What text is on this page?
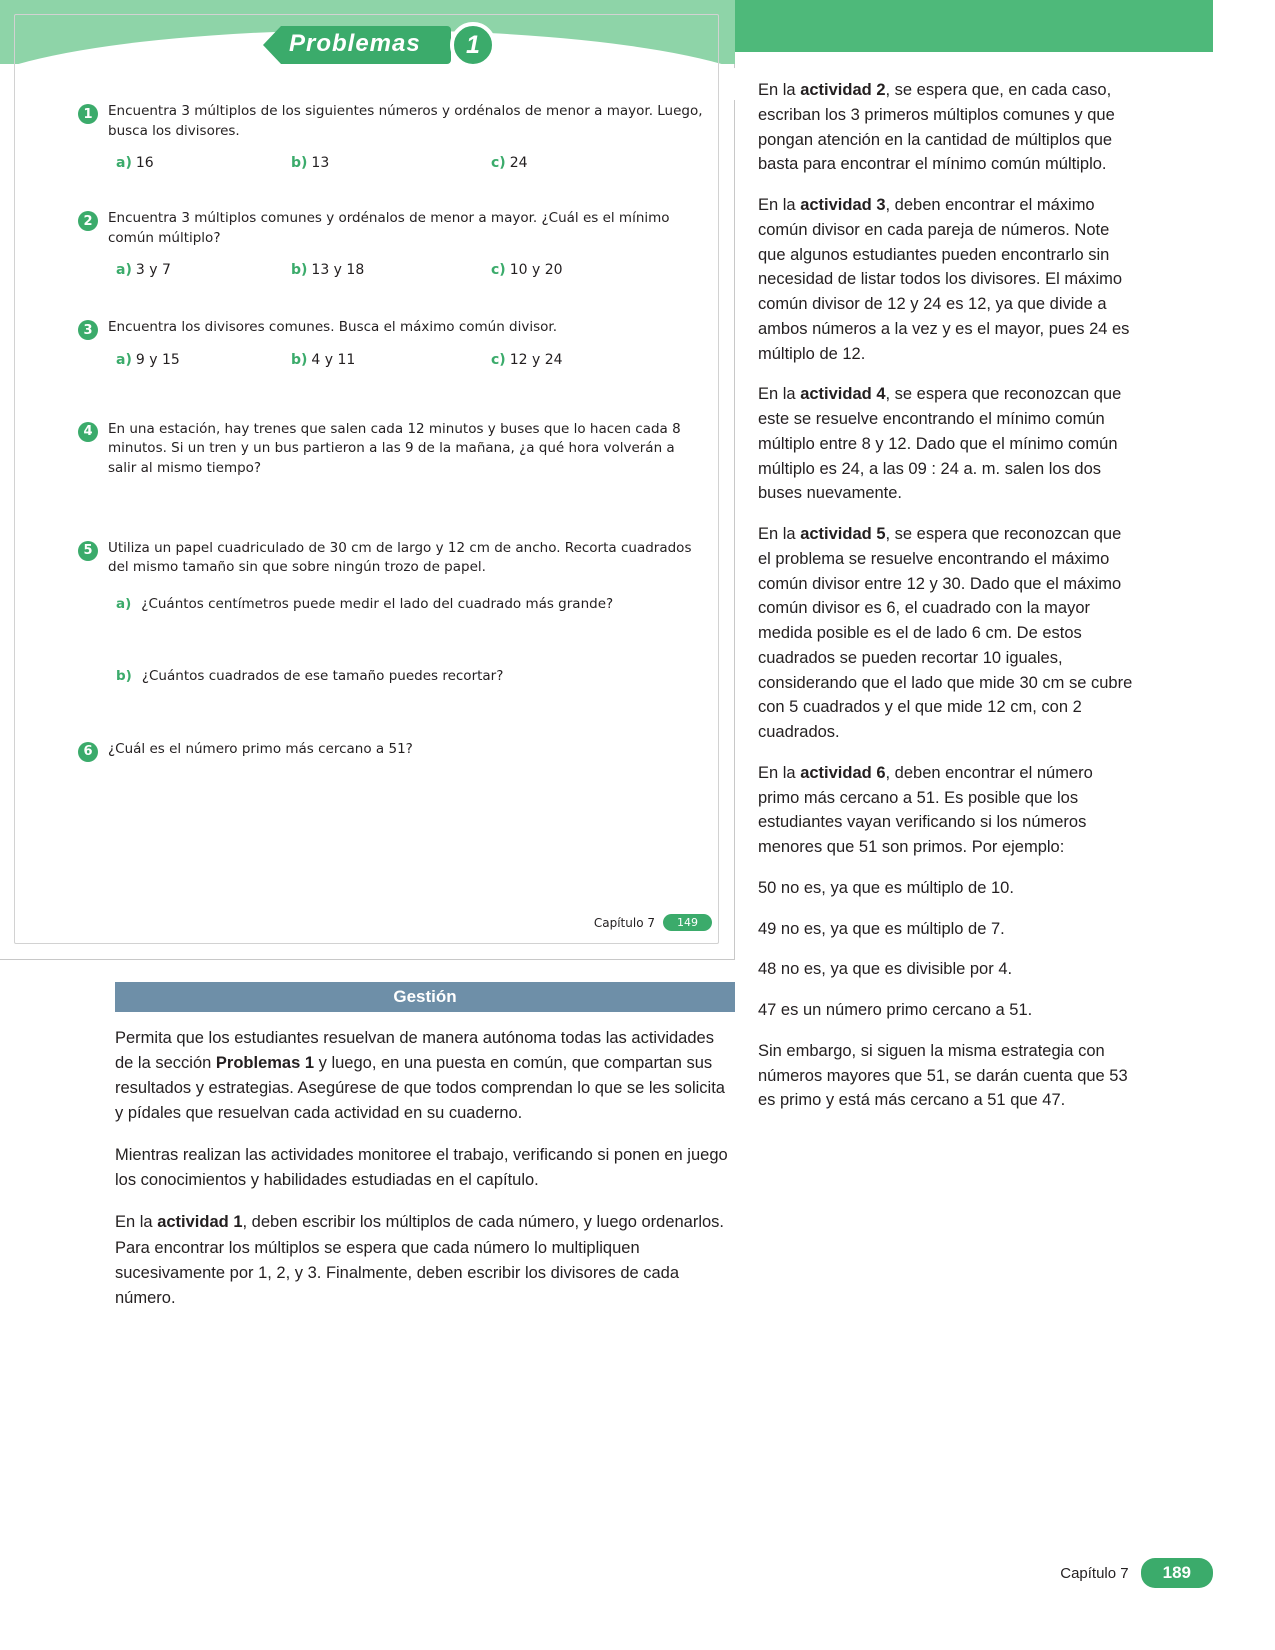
Problemas	1
1	Encuentra 3 múltiplos de los siguientes números y ordénalos de menor a mayor. Luego, busca los divisores.
a) 16	b) 13	c) 24
2	Encuentra 3 múltiplos comunes y ordénalos de menor a mayor. ¿Cuál es el mínimo común múltiplo?
a) 3 y 7	b) 13 y 18	c) 10 y 20
3	Encuentra los divisores comunes. Busca el máximo común divisor.
a) 9 y 15	b) 4 y 11	c) 12 y 24
4	En una estación, hay trenes que salen cada 12 minutos y buses que lo hacen cada 8 minutos. Si un tren y un bus partieron a las 9 de la mañana, ¿a qué hora volverán a salir al mismo tiempo?
5	Utiliza un papel cuadriculado de 30 cm de largo y 12 cm de ancho. Recorta cuadrados del mismo tamaño sin que sobre ningún trozo de papel.
a) ¿Cuántos centímetros puede medir el lado del cuadrado más grande?
b) ¿Cuántos cuadrados de ese tamaño puedes recortar?
6	¿Cuál es el número primo más cercano a 51?
Capítulo 7	149
Gestión

Permita que los estudiantes resuelvan de manera autónoma todas las actividades de la sección Problemas 1 y luego, en una puesta en común, que compartan sus resultados y estrategias. Asegúrese de que todos comprendan lo que se les solicita y pídales que resuelvan cada actividad en su cuaderno.

Mientras realizan las actividades monitoree el trabajo, verificando si ponen en juego los conocimientos y habilidades estudiadas en el capítulo.

En la actividad 1, deben escribir los múltiplos de cada número, y luego ordenarlos. Para encontrar los múltiplos se espera que cada número lo multipliquen sucesivamente por 1, 2, y 3. Finalmente, deben escribir los divisores de cada número.

En la actividad 2, se espera que, en cada caso, escriban los 3 primeros múltiplos comunes y que pongan atención en la cantidad de múltiplos que basta para encontrar el mínimo común múltiplo.

En la actividad 3, deben encontrar el máximo común divisor en cada pareja de números. Note que algunos estudiantes pueden encontrarlo sin necesidad de listar todos los divisores. El máximo común divisor de 12 y 24 es 12, ya que divide a ambos números a la vez y es el mayor, pues 24 es múltiplo de 12.

En la actividad 4, se espera que reconozcan que este se resuelve encontrando el mínimo común múltiplo entre 8 y 12. Dado que el mínimo común múltiplo es 24, a las 09 : 24 a. m. salen los dos buses nuevamente.

En la actividad 5, se espera que reconozcan que el problema se resuelve encontrando el máximo común divisor entre 12 y 30. Dado que el máximo común divisor es 6, el cuadrado con la mayor medida posible es el de lado 6 cm. De estos cuadrados se pueden recortar 10 iguales, considerando que el lado que mide 30 cm se cubre con 5 cuadrados y el que mide 12 cm, con 2 cuadrados.

En la actividad 6, deben encontrar el número primo más cercano a 51. Es posible que los estudiantes vayan verificando si los números menores que 51 son primos. Por ejemplo:

50 no es, ya que es múltiplo de 10.

49 no es, ya que es múltiplo de 7.

48 no es, ya que es divisible por 4.

47 es un número primo cercano a 51.

Sin embargo, si siguen la misma estrategia con números mayores que 51, se darán cuenta que 53 es primo y está más cercano a 51 que 47.

Capítulo 7	189
